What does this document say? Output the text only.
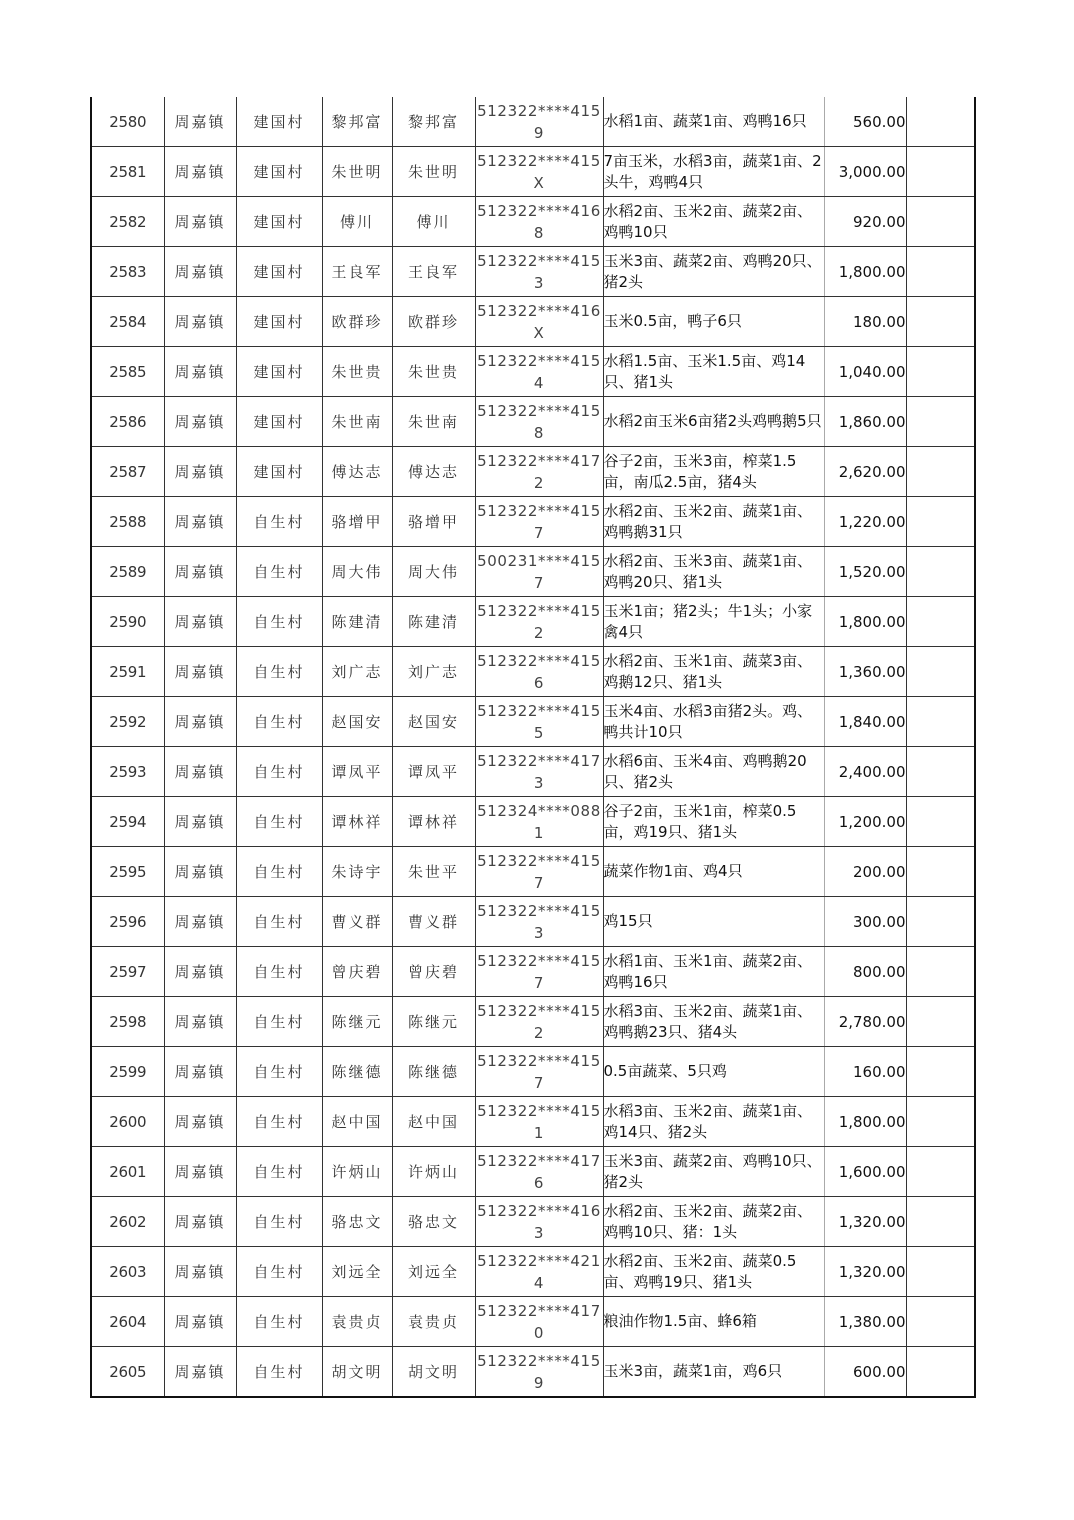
2580	周嘉镇	建国村	黎邦富	黎邦富	512322****4159	水稻1亩、蔬菜1亩、鸡鸭16只	560.00	
2581	周嘉镇	建国村	朱世明	朱世明	512322****415X	7亩玉米，水稻3亩，蔬菜1亩、2头牛，鸡鸭4只	3,000.00	
2582	周嘉镇	建国村	傅川	傅川	512322****4168	水稻2亩、玉米2亩、蔬菜2亩、鸡鸭10只	920.00	
2583	周嘉镇	建国村	王良军	王良军	512322****4153	玉米3亩、蔬菜2亩、鸡鸭20只、猪2头	1,800.00	
2584	周嘉镇	建国村	欧群珍	欧群珍	512322****416X	玉米0.5亩，鸭子6只	180.00	
2585	周嘉镇	建国村	朱世贵	朱世贵	512322****4154	水稻1.5亩、玉米1.5亩、鸡14只、猪1头	1,040.00	
2586	周嘉镇	建国村	朱世南	朱世南	512322****4158	水稻2亩玉米6亩猪2头鸡鸭鹅5只	1,860.00	
2587	周嘉镇	建国村	傅达志	傅达志	512322****4172	谷子2亩，玉米3亩，榨菜1.5亩，南瓜2.5亩，猪4头	2,620.00	
2588	周嘉镇	自生村	骆增甲	骆增甲	512322****4157	水稻2亩、玉米2亩、蔬菜1亩、鸡鸭鹅31只	1,220.00	
2589	周嘉镇	自生村	周大伟	周大伟	500231****4157	水稻2亩、玉米3亩、蔬菜1亩、鸡鸭20只、猪1头	1,520.00	
2590	周嘉镇	自生村	陈建清	陈建清	512322****4152	玉米1亩；猪2头；牛1头；小家禽4只	1,800.00	
2591	周嘉镇	自生村	刘广志	刘广志	512322****4156	水稻2亩、玉米1亩、蔬菜3亩、鸡鹅12只、猪1头	1,360.00	
2592	周嘉镇	自生村	赵国安	赵国安	512322****4155	玉米4亩、水稻3亩猪2头。鸡、鸭共计10只	1,840.00	
2593	周嘉镇	自生村	谭凤平	谭凤平	512322****4173	水稻6亩、玉米4亩、鸡鸭鹅20只、猪2头	2,400.00	
2594	周嘉镇	自生村	谭林祥	谭林祥	512324****0881	谷子2亩，玉米1亩，榨菜0.5亩，鸡19只、猪1头	1,200.00	
2595	周嘉镇	自生村	朱诗宇	朱世平	512322****4157	蔬菜作物1亩、鸡4只	200.00	
2596	周嘉镇	自生村	曹义群	曹义群	512322****4153	鸡15只	300.00	
2597	周嘉镇	自生村	曾庆碧	曾庆碧	512322****4157	水稻1亩、玉米1亩、蔬菜2亩、鸡鸭16只	800.00	
2598	周嘉镇	自生村	陈继元	陈继元	512322****4152	水稻3亩、玉米2亩、蔬菜1亩、鸡鸭鹅23只、猪4头	2,780.00	
2599	周嘉镇	自生村	陈继德	陈继德	512322****4157	0.5亩蔬菜、5只鸡	160.00	
2600	周嘉镇	自生村	赵中国	赵中国	512322****4151	水稻3亩、玉米2亩、蔬菜1亩、鸡14只、猪2头	1,800.00	
2601	周嘉镇	自生村	许炳山	许炳山	512322****4176	玉米3亩、蔬菜2亩、鸡鸭10只、猪2头	1,600.00	
2602	周嘉镇	自生村	骆忠文	骆忠文	512322****4163	水稻2亩、玉米2亩、蔬菜2亩、鸡鸭10只、猪：1头	1,320.00	
2603	周嘉镇	自生村	刘远全	刘远全	512322****4214	水稻2亩、玉米2亩、蔬菜0.5亩、鸡鸭19只、猪1头	1,320.00	
2604	周嘉镇	自生村	袁贵贞	袁贵贞	512322****4170	粮油作物1.5亩、蜂6箱	1,380.00	
2605	周嘉镇	自生村	胡文明	胡文明	512322****4159	玉米3亩，蔬菜1亩，鸡6只	600.00	
